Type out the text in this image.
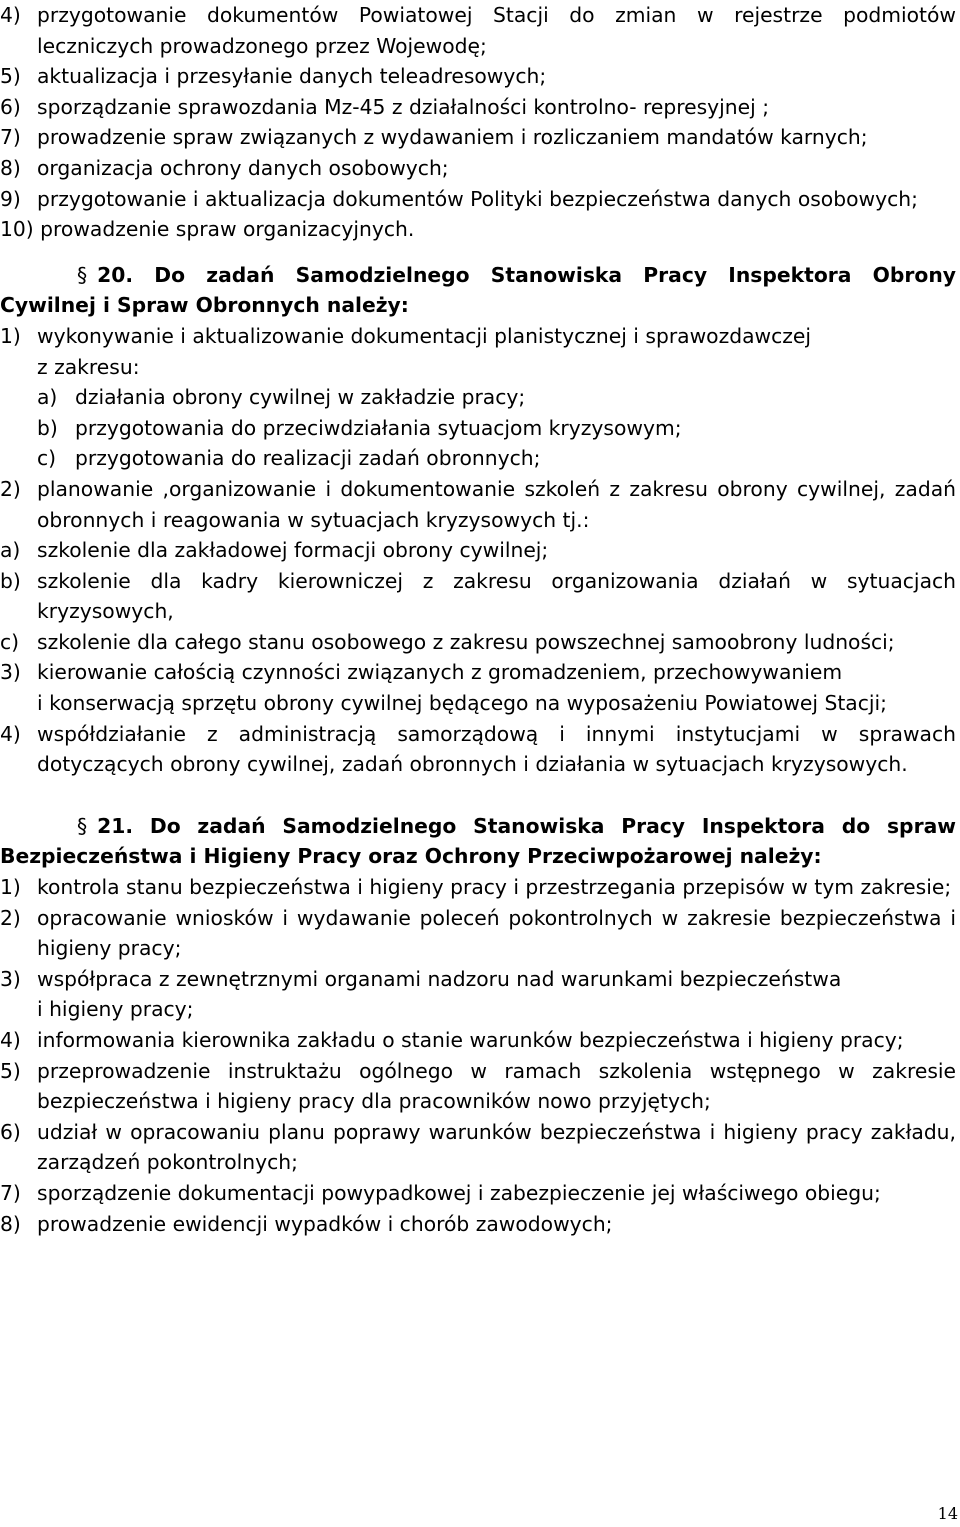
4) przygotowanie dokumentów Powiatowej Stacji do zmian w rejestrze podmiotów leczniczych prowadzonego przez Wojewodę;
5) aktualizacja i przesyłanie danych teleadresowych;
6) sporządzanie sprawozdania Mz-45 z działalności kontrolno- represyjnej ;
7) prowadzenie spraw związanych z wydawaniem i rozliczaniem mandatów karnych;
8) organizacja ochrony danych osobowych;
9) przygotowanie i aktualizacja dokumentów Polityki bezpieczeństwa danych osobowych;
10) prowadzenie spraw organizacyjnych.
§ 20. Do zadań Samodzielnego Stanowiska Pracy Inspektora Obrony Cywilnej i Spraw Obronnych należy:
1) wykonywanie i aktualizowanie dokumentacji planistycznej i sprawozdawczej
z zakresu:
a) działania obrony cywilnej w zakładzie pracy;
b) przygotowania do przeciwdziałania sytuacjom kryzysowym;
c) przygotowania do realizacji zadań obronnych;
2) planowanie ,organizowanie i dokumentowanie szkoleń z zakresu obrony cywilnej, zadań obronnych i reagowania w sytuacjach kryzysowych tj.:
a) szkolenie dla zakładowej formacji obrony cywilnej;
b) szkolenie dla kadry kierowniczej z zakresu organizowania działań w sytuacjach kryzysowych,
c) szkolenie dla całego stanu osobowego z zakresu powszechnej samoobrony ludności;
3) kierowanie całością czynności związanych z gromadzeniem, przechowywaniem
i konserwacją sprzętu obrony cywilnej będącego na wyposażeniu Powiatowej Stacji;
4) współdziałanie z administracją samorządową i innymi instytucjami w sprawach dotyczących obrony cywilnej, zadań obronnych i działania w sytuacjach kryzysowych.
§ 21. Do zadań Samodzielnego Stanowiska Pracy Inspektora do spraw Bezpieczeństwa i Higieny Pracy oraz Ochrony Przeciwpożarowej należy:
1) kontrola stanu bezpieczeństwa i higieny pracy i przestrzegania przepisów w tym zakresie;
2) opracowanie wniosków i wydawanie poleceń pokontrolnych w zakresie bezpieczeństwa i higieny pracy;
3) współpraca z zewnętrznymi organami nadzoru nad warunkami bezpieczeństwa
i higieny pracy;
4) informowania kierownika zakładu o stanie warunków bezpieczeństwa i higieny pracy;
5) przeprowadzenie instruktażu ogólnego w ramach szkolenia wstępnego w zakresie bezpieczeństwa i higieny pracy dla pracowników nowo przyjętych;
6) udział w opracowaniu planu poprawy warunków bezpieczeństwa i higieny pracy zakładu, zarządzeń pokontrolnych;
7) sporządzenie dokumentacji powypadkowej i zabezpieczenie jej właściwego obiegu;
8) prowadzenie ewidencji wypadków i chorób zawodowych;
14
